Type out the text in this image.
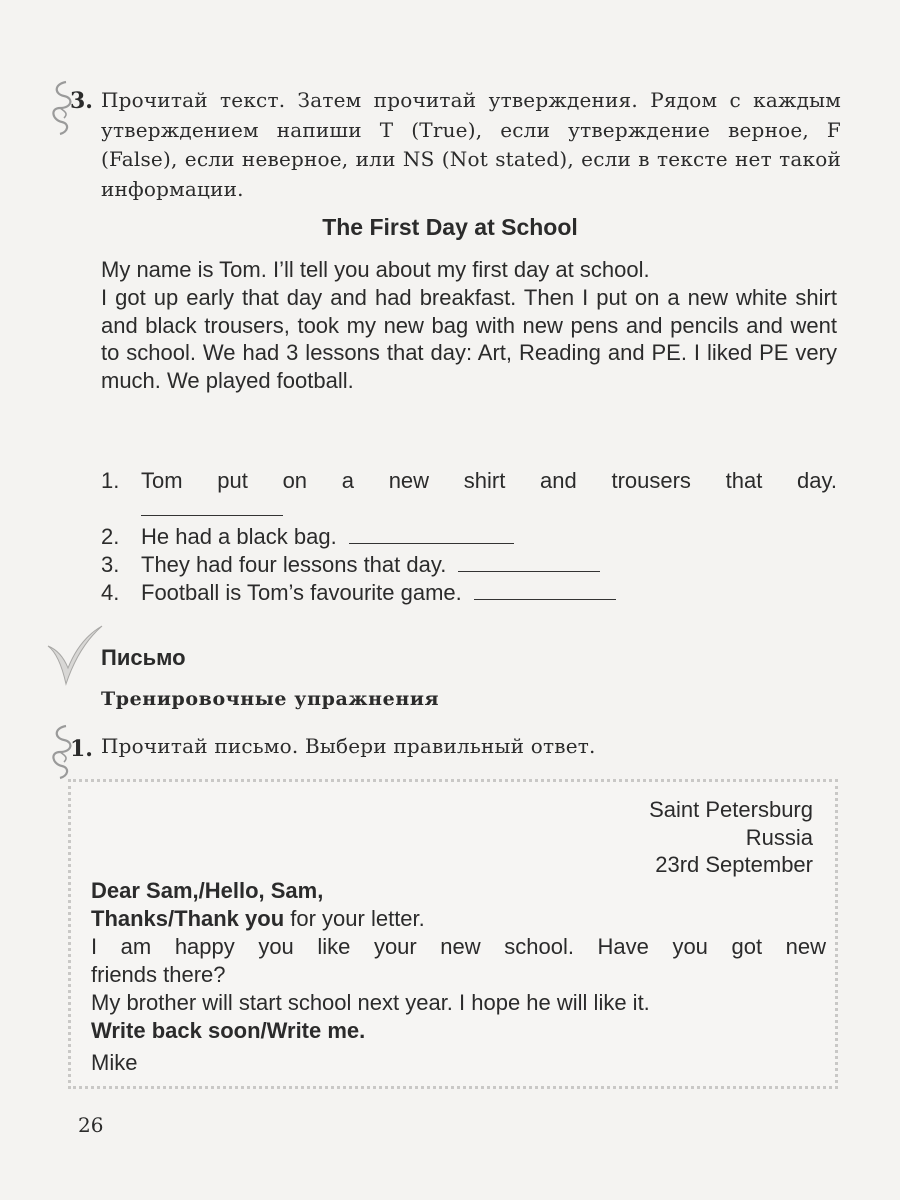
3. Прочитай текст. Затем прочитай утверждения. Рядом с каждым утверждением напиши T (True), если утверждение верное, F (False), если неверное, или NS (Not stated), если в тексте нет такой информации.
The First Day at School

My name is Tom. I’ll tell you about my first day at school.

I got up early that day and had breakfast. Then I put on a new white shirt and black trousers, took my new bag with new pens and pencils and went to school. We had 3 lessons that day: Art, Reading and PE. I liked PE very much. We played football.

1. Tom put on a new shirt and trousers that day.
2. He had a black bag.
3. They had four lessons that day.
4. Football is Tom’s favourite game.
Письмо
Тренировочные упражнения
1. Прочитай письмо. Выбери правильный ответ.
Saint Petersburg
Russia
23rd September
Dear Sam,/Hello, Sam,
Thanks/Thank you for your letter.
I am happy you like your new school. Have you got new
friends there?
My brother will start school next year. I hope he will like it.
Write back soon/Write me.
Mike
26
